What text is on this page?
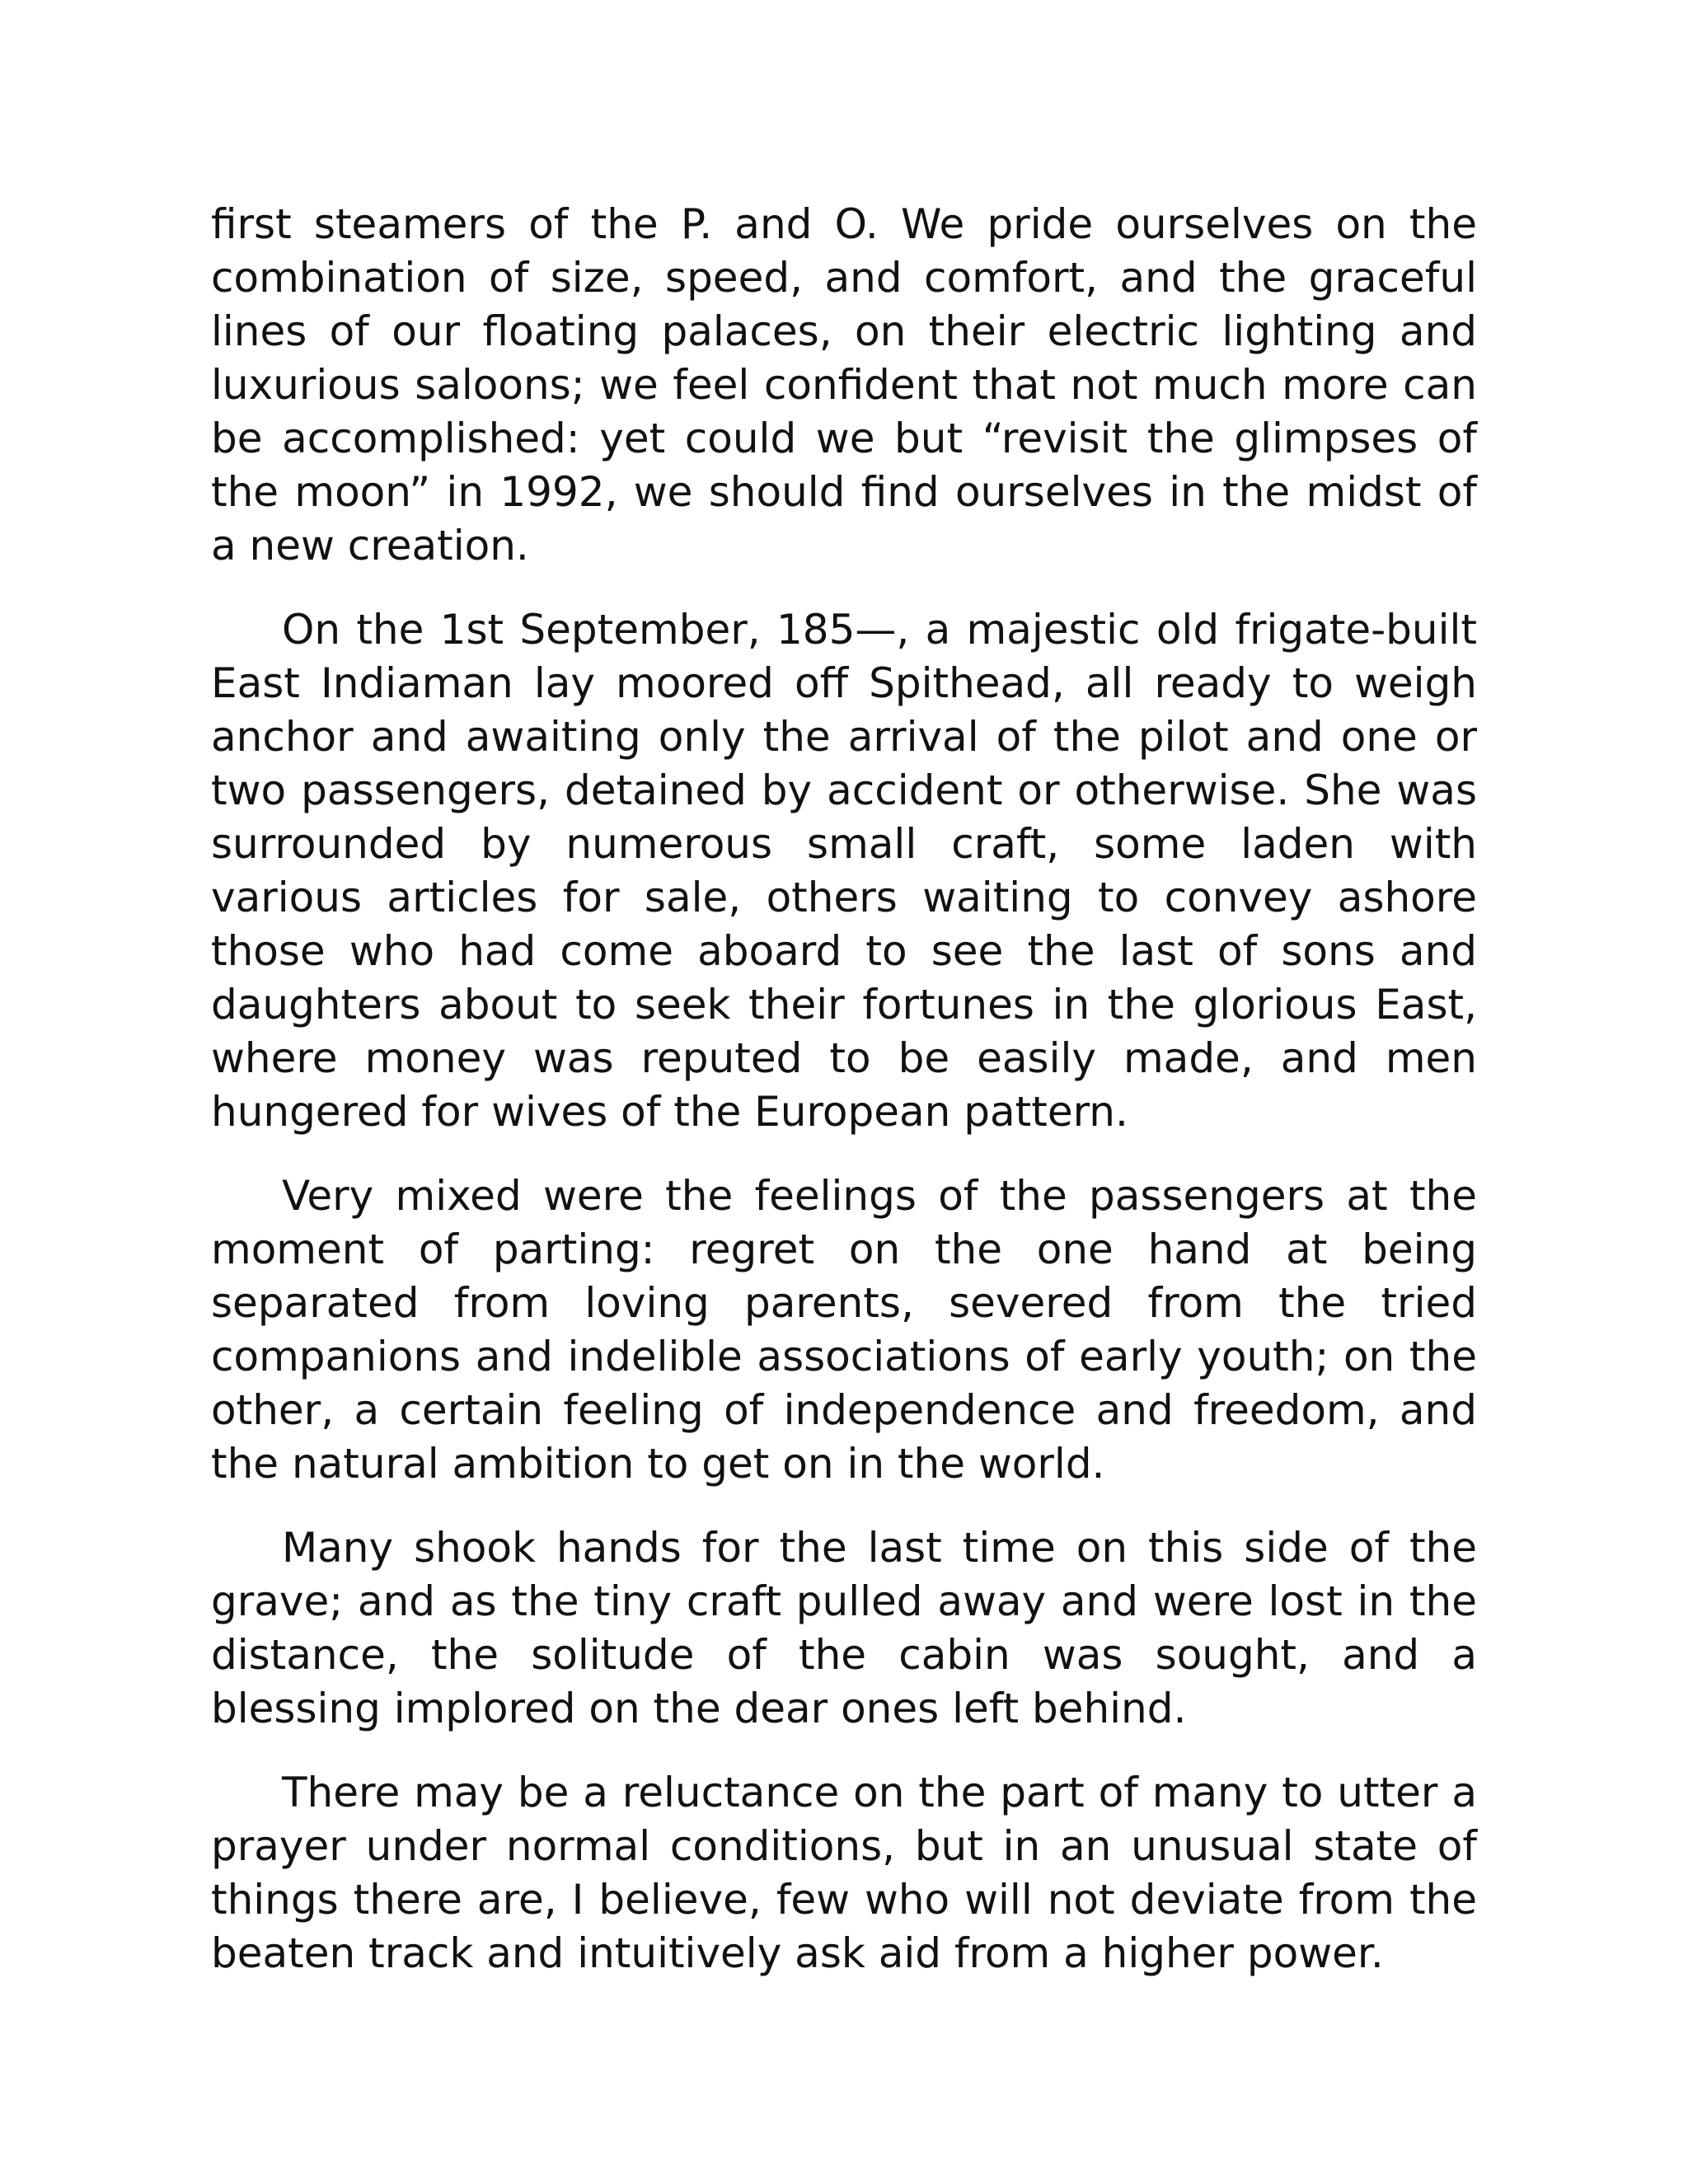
first steamers of the P. and O. We pride ourselves on the combination of size, speed, and comfort, and the graceful lines of our floating palaces, on their electric lighting and luxurious saloons; we feel confident that not much more can be accomplished: yet could we but “revisit the glimpses of the moon” in 1992, we should find ourselves in the midst of a new creation.

On the 1st September, 185—, a majestic old frigate-built East Indiaman lay moored off Spithead, all ready to weigh anchor and awaiting only the arrival of the pilot and one or two passengers, detained by accident or otherwise. She was surrounded by numerous small craft, some laden with various articles for sale, others waiting to convey ashore those who had come aboard to see the last of sons and daughters about to seek their fortunes in the glorious East, where money was reputed to be easily made, and men hungered for wives of the European pattern.

Very mixed were the feelings of the passengers at the moment of parting: regret on the one hand at being separated from loving parents, severed from the tried companions and indelible associations of early youth; on the other, a certain feeling of independence and freedom, and the natural ambition to get on in the world.

Many shook hands for the last time on this side of the grave; and as the tiny craft pulled away and were lost in the distance, the solitude of the cabin was sought, and a blessing implored on the dear ones left behind.

There may be a reluctance on the part of many to utter a prayer under normal conditions, but in an unusual state of things there are, I believe, few who will not deviate from the beaten track and intuitively ask aid from a higher power.
